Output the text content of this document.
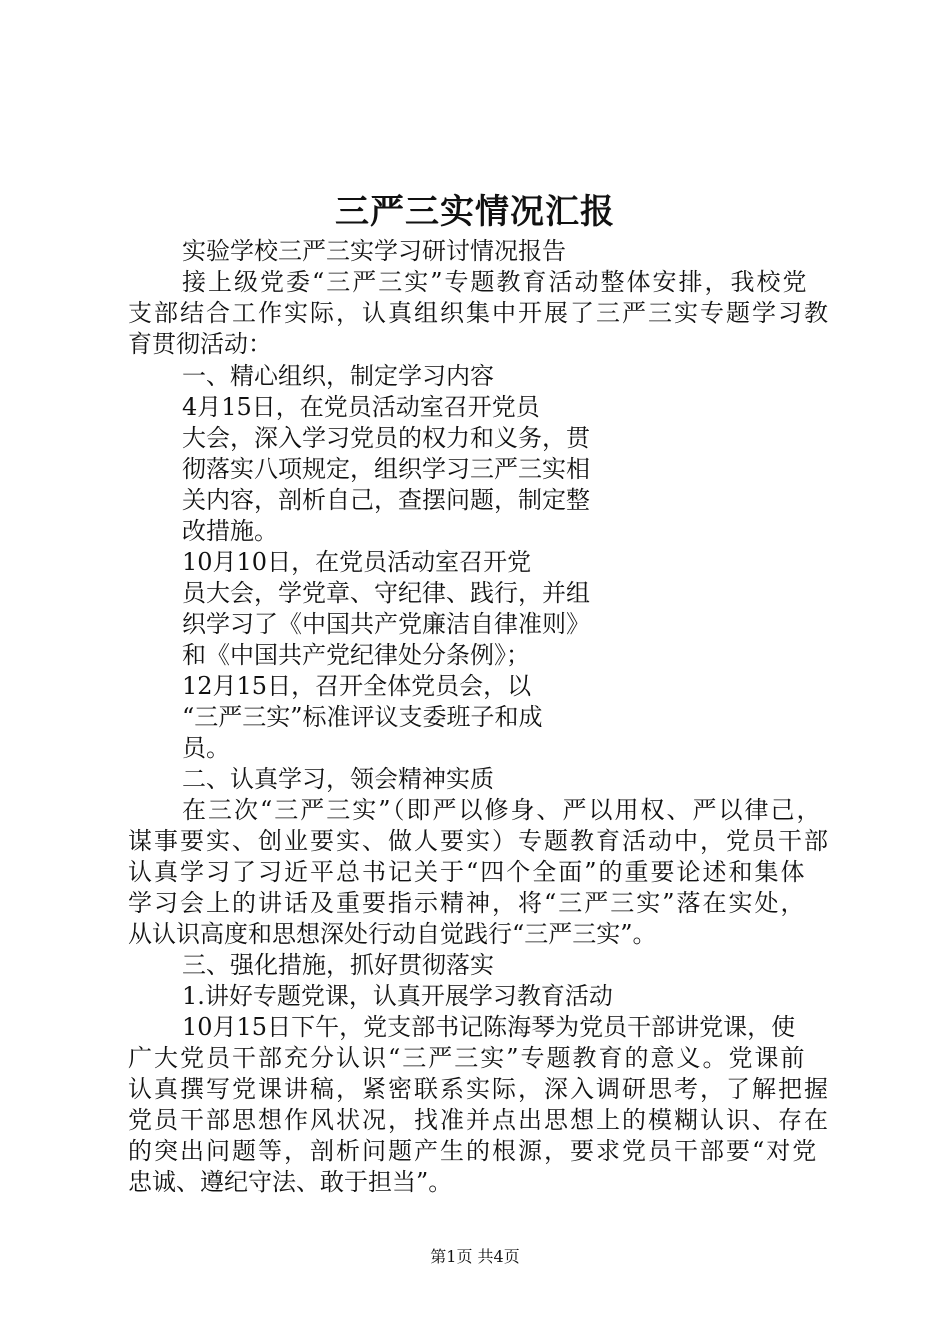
三严三实情况汇报

实验学校三严三实学习研讨情况报告

接上级党委“三严三实”专题教育活动整体安排，我校党

支部结合工作实际，认真组织集中开展了三严三实专题学习教

育贯彻活动：

一、精心组织，制定学习内容

4月15日，在党员活动室召开党员

大会，深入学习党员的权力和义务，贯

彻落实八项规定，组织学习三严三实相

关内容，剖析自己，查摆问题，制定整

改措施。

10月10日，在党员活动室召开党

员大会，学党章、守纪律、践行，并组

织学习了《中国共产党廉洁自律准则》

和《中国共产党纪律处分条例》；

12月15日，召开全体党员会，以

“三严三实”标准评议支委班子和成

员。

二、认真学习，领会精神实质

在三次“三严三实”（即严以修身、严以用权、严以律己，

谋事要实、创业要实、做人要实）专题教育活动中，党员干部

认真学习了习近平总书记关于“四个全面”的重要论述和集体

学习会上的讲话及重要指示精神，将“三严三实”落在实处，

从认识高度和思想深处行动自觉践行“三严三实”。

三、强化措施，抓好贯彻落实

1.讲好专题党课，认真开展学习教育活动

10月15日下午，党支部书记陈海琴为党员干部讲党课，使

广大党员干部充分认识“三严三实”专题教育的意义。党课前

认真撰写党课讲稿，紧密联系实际，深入调研思考，了解把握

党员干部思想作风状况，找准并点出思想上的模糊认识、存在

的突出问题等，剖析问题产生的根源，要求党员干部要“对党

忠诚、遵纪守法、敢于担当”。

第1页 共4页
